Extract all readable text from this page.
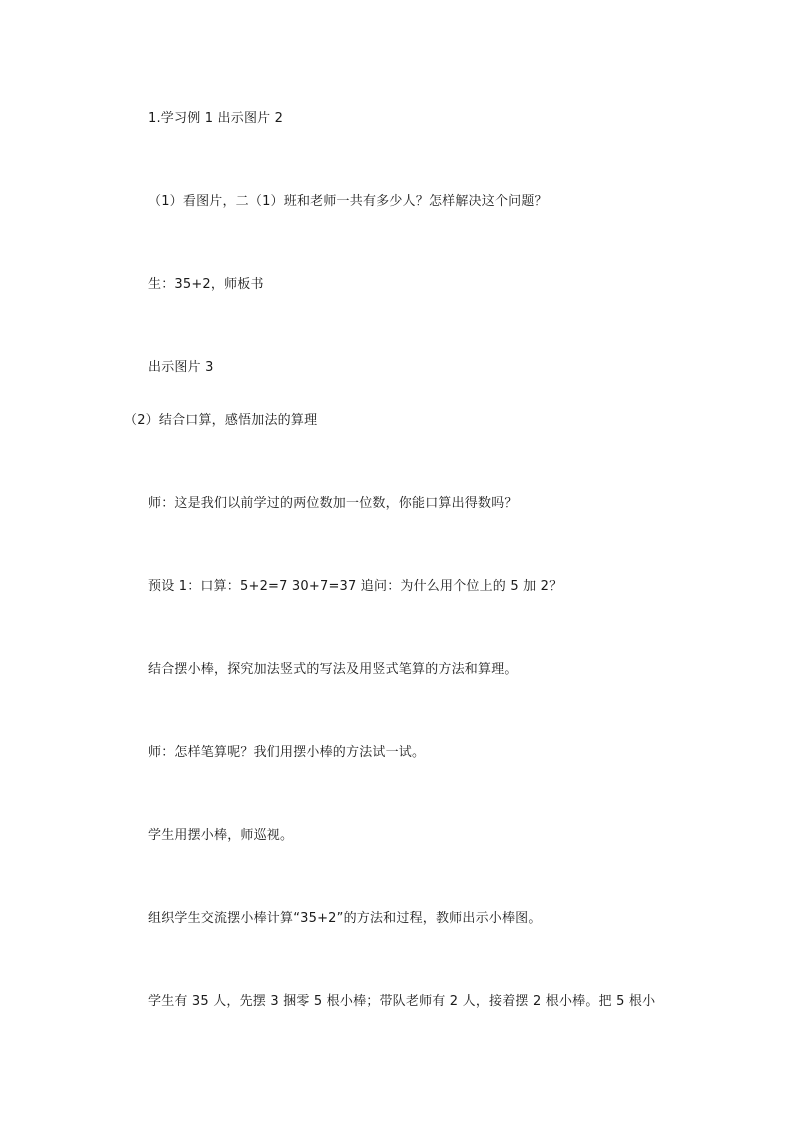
1.学习例 1 出示图片 2
（1）看图片，二（1）班和老师一共有多少人？怎样解决这个问题？
生：35+2，师板书
出示图片 3
（2）结合口算，感悟加法的算理
师：这是我们以前学过的两位数加一位数，你能口算出得数吗？
预设 1：口算：5+2=7 30+7=37 追问：为什么用个位上的 5 加 2？
结合摆小棒，探究加法竖式的写法及用竖式笔算的方法和算理。
师：怎样笔算呢？我们用摆小棒的方法试一试。
学生用摆小棒，师巡视。
组织学生交流摆小棒计算“35+2”的方法和过程，教师出示小棒图。
学生有 35 人，先摆 3 捆零 5 根小棒；带队老师有 2 人，接着摆 2 根小棒。把 5 根小
